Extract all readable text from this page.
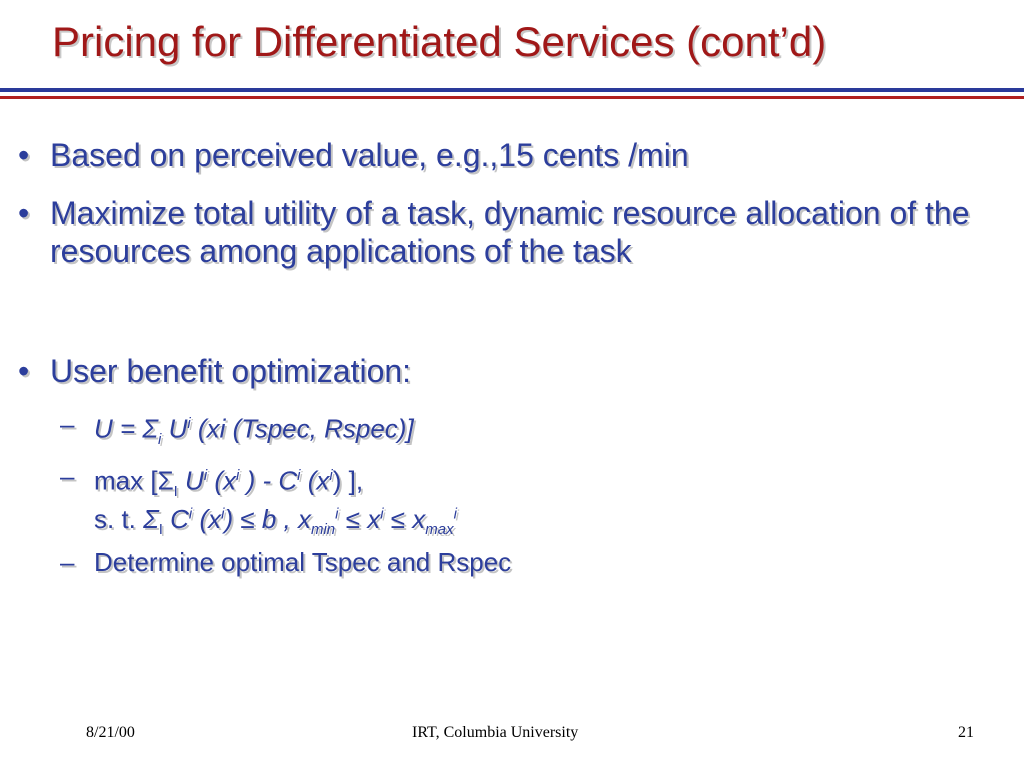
Pricing for Differentiated Services (cont’d)
• Based on perceived value, e.g.,15 cents /min
• Maximize total utility of a task, dynamic resource allocation of the resources among applications of the task
• User benefit optimization:
– $U = \Sigma_i$ $U^i$ (xi (Tspec, Rspec)]
– $\max [\Sigma_I$ $U^i$ ($x^i$ ) - $C^i$ $(x^i)$ ],
s. t. $\Sigma_I$ $C^i$ $(x^i) \le b$ , $x_{min}^i \le x^i \le x_{max}^i$
– Determine optimal Tspec and Rspec
8/21/00	IRT, Columbia University	21
